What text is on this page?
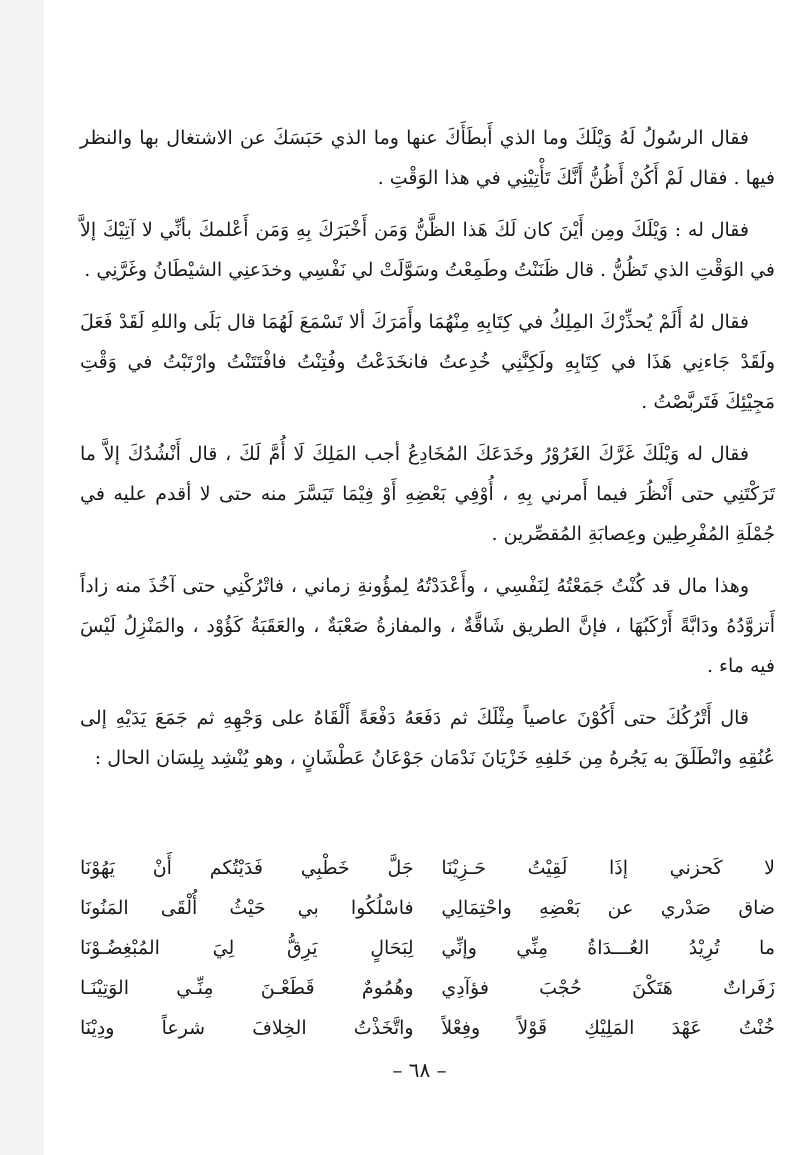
فقال الرسُولُ لَهُ وَيْلَكَ وما الذي أَبطَأَكَ عنها وما الذي حَبَسَكَ عن الاشتغال بها والنظر فيها . فقال لَمْ أَكُنْ أَظُنُّ أَنَّكَ تَأْتِيْنِي في هذا الوَقْتِ .

فقال له : وَيْلَكَ ومِن أَيْنَ كان لَكَ هَذا الظَّنُّ وَمَن أَخْبَرَكَ بِهِ وَمَن أَعْلمكَ بأنِّي لا آتِيْكَ إلاَّ في الوَقْتِ الذي تَظُنُّ . قال ظَنَنْتُ وطَمِعْتُ وسَوَّلَتْ لي نَفْسِي وخدَعنِي الشيْطَانُ وغَرَّنِي .

فقال لهُ أَلَمْ يُحذِّرْكَ المِلِكُ في كِتَابِهِ مِنْهُمَا وأَمَرَكَ ألا تَسْمَعَ لَهُمَا قال بَلَى واللهِ لَقَدْ فَعَلَ ولَقَدْ جَاءنِي هَذَا في كِتَابِهِ ولَكِنَّنِي خُدِعتُ فانخَدَعْتُ وفُتِنْتُ فافْتَتَنْتُ وارْتَبْتُ في وَقْتِ مَجِيْئِكَ فَتَربَّصْتُ .

فقال له وَيْلَكَ غَرَّكَ الغَرُوْرُ وخَدَعَكَ المُخَادِعُ أجب المَلِكَ لَا أُمَّ لَكَ ، قال أَنْشُدُكَ إلاَّ ما تَرَكْتَنِي حتى أَنْظُرَ فيما أَمرني بِهِ ، أُوْفِي بَعْضِهِ أَوْ فِيْمَا تَيَسَّرَ منه حتى لا أقدم عليه في جُمْلَةِ المُفْرِطِين وعِصابَةِ المُقصِّرين .

وهذا مال قد كُنْتُ جَمَعْتُهُ لِنَفْسِي ، وأَعْدَدْتُهُ لِمؤُونةِ زماني ، فاتْرُكْنِي حتى آخُذَ منه زاداً أَتزوَّدُهُ ودَابَّةً أَرْكَبُهَا ، فإنَّ الطريق شَاقَّةٌ ، والمفازةُ صَعْبَةٌ ، والعَقَبَةُ كَؤُوْد ، والمَنْزِلُ لَيْسَ فيه ماء .

قال أَتْرُكُكَ حتى أَكُوْنَ عاصياً مِثْلَكَ ثم دَفَعَهُ دَفْعَةً أَلْقَاهُ على وَجْهِهِ ثم جَمَعَ يَدَيْهِ إلى عُنُقِهِ وانْطَلَقَ به يَجُرهُ مِن خَلفِهِ خَزْيَانَ نَدْمَان جَوْعَانُ عَطْشَانٍ ، وهو يُنْشِد بِلِسَان الحال :

لا كَحزني إذَا لَقِيْتُ حَـزِيْنَا
جَلَّ خَطْبِي فَدَيْتُكم أَنْ يَهُوْنَا
ضاق صَدْري عن بَعْضِهِ واحْتِمَالِي
فاسْلُكُوا بي حَيْثُ أُلْقَى المَنُونَا
ما تُرِيْدُ العُـــدَاةُ مِنِّي وإنِّي
لِبَحَالٍ يَرِقُّ لِيَ المُبْغِضُـوْنَا
زَفَراتٌ هَتَكْنَ حُجْبَ فؤآدِي
وهُمُومٌ قَطَعْـنَ مِنِّـي الوَتِيْنَـا
خُنْتُ عَهْدَ المَلِيْكِ قَوْلاً وفِعْلاً
واتَّخَذْتُ الخِلافَ شرعاً ودِيْنَا
– ٦٨ –
